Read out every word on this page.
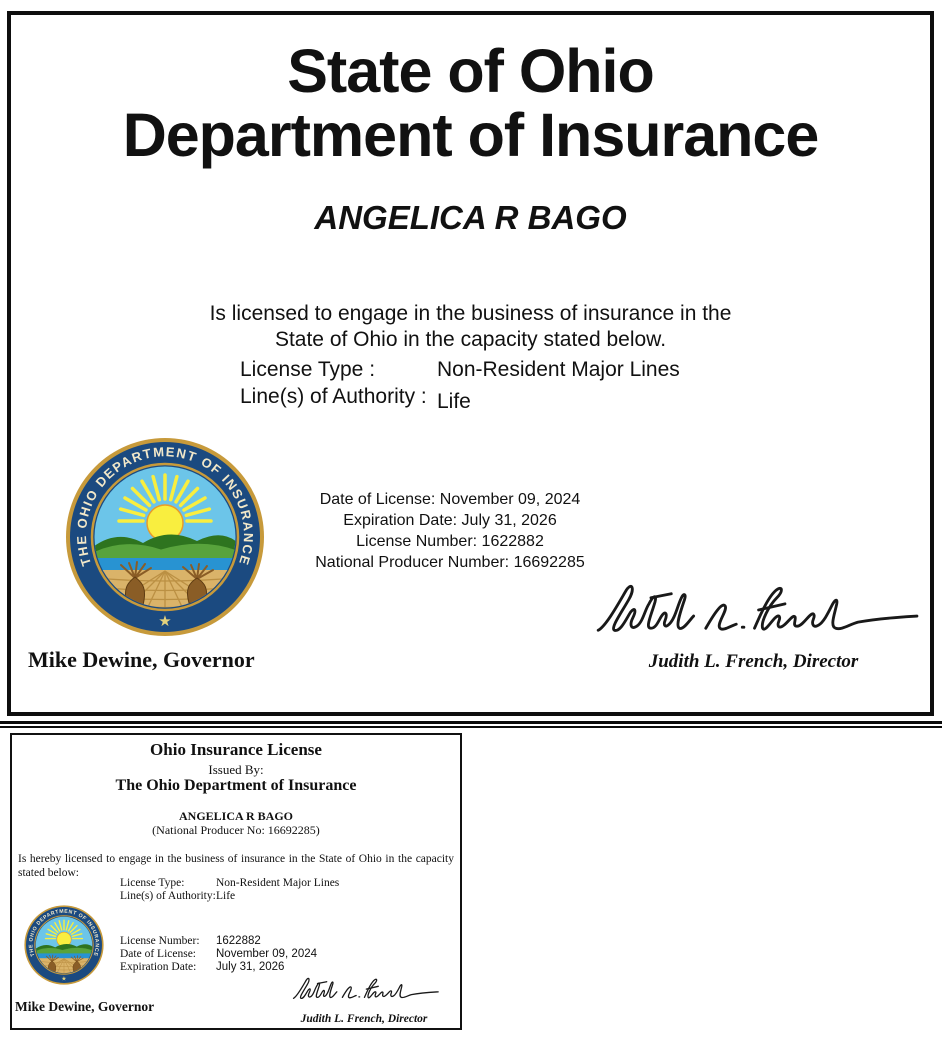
State of Ohio
Department of Insurance
ANGELICA R BAGO
Is licensed to engage in the business of insurance in the
State of Ohio in the capacity stated below.
License Type :	Non-Resident Major Lines
Line(s) of Authority : Life
Date of License: November 09, 2024
Expiration Date: July 31, 2026
License Number: 1622882
National Producer Number: 16692285
Judith L. French, Director
Mike Dewine, Governor
Ohio Insurance License
Issued By:
The Ohio Department of Insurance
ANGELICA R BAGO
(National Producer No: 16692285)
Is hereby licensed to engage in the business of insurance in the State of Ohio in the capacity stated below:
License Type:	Non-Resident Major Lines
Line(s) of Authority: Life
License Number:	1622882
Date of License:	November 09, 2024
Expiration Date:	July 31, 2026
Mike Dewine, Governor
Judith L. French, Director
